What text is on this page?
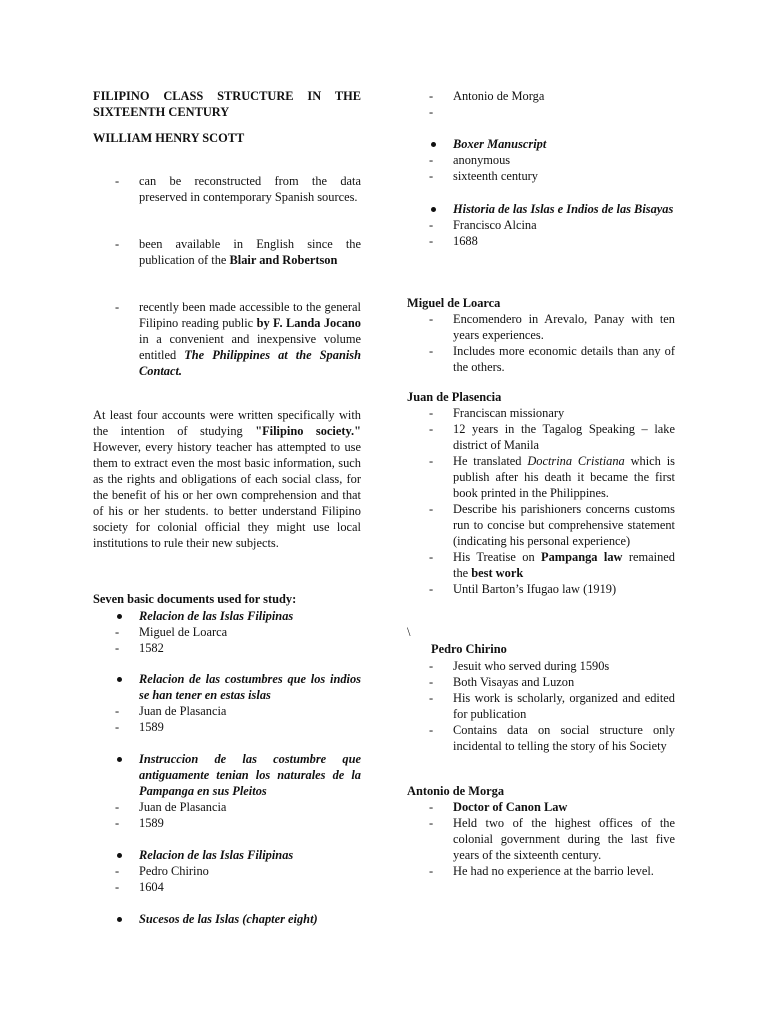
FILIPINO CLASS STRUCTURE IN THE
SIXTEENTH CENTURY
WILLIAM HENRY SCOTT
-	can be reconstructed from the data preserved in contemporary Spanish sources.
-	been available in English since the publication of the Blair and Robertson
-	recently been made accessible to the general Filipino reading public by F. Landa Jocano in a convenient and inexpensive volume entitled The Philippines at the Spanish Contact.
At least four accounts were written specifically with the intention of studying "Filipino society." However, every history teacher has attempted to use them to extract even the most basic information, such as the rights and obligations of each social class, for the benefit of his or her own comprehension and that of his or her students. to better understand Filipino society for colonial official they might use local institutions to rule their new subjects.
Seven basic documents used for study:
Relacion de las Islas Filipinas
-	Miguel de Loarca
-	1582
Relacion de las costumbres que los indios se han tener en estas islas
-	Juan de Plasancia
-	1589
Instruccion de las costumbre que antiguamente tenian los naturales de la Pampanga en sus Pleitos
-	Juan de Plasancia
-	1589
Relacion de las Islas Filipinas
-	Pedro Chirino
-	1604
Sucesos de las Islas (chapter eight)
-	Antonio de Morga
-
Boxer Manuscript
-	anonymous
-	sixteenth century
Historia de las Islas e Indios de las Bisayas
-	Francisco Alcina
-	1688
Miguel de Loarca
-	Encomendero in Arevalo, Panay with ten years experiences.
-	Includes more economic details than any of the others.
Juan de Plasencia
-	Franciscan missionary
-	12 years in the Tagalog Speaking – lake district of Manila
-	He translated Doctrina Cristiana which is publish after his death it became the first book printed in the Philippines.
-	Describe his parishioners concerns customs run to concise but comprehensive statement (indicating his personal experience)
-	His Treatise on Pampanga law remained the best work
-	Until Barton’s Ifugao law (1919)
\
Pedro Chirino
-	Jesuit who served during 1590s
-	Both Visayas and Luzon
-	His work is scholarly, organized and edited for publication
-	Contains data on social structure only incidental to telling the story of his Society
Antonio de Morga
-	Doctor of Canon Law
-	Held two of the highest offices of the colonial government during the last five years of the sixteenth century.
-	He had no experience at the barrio level.
